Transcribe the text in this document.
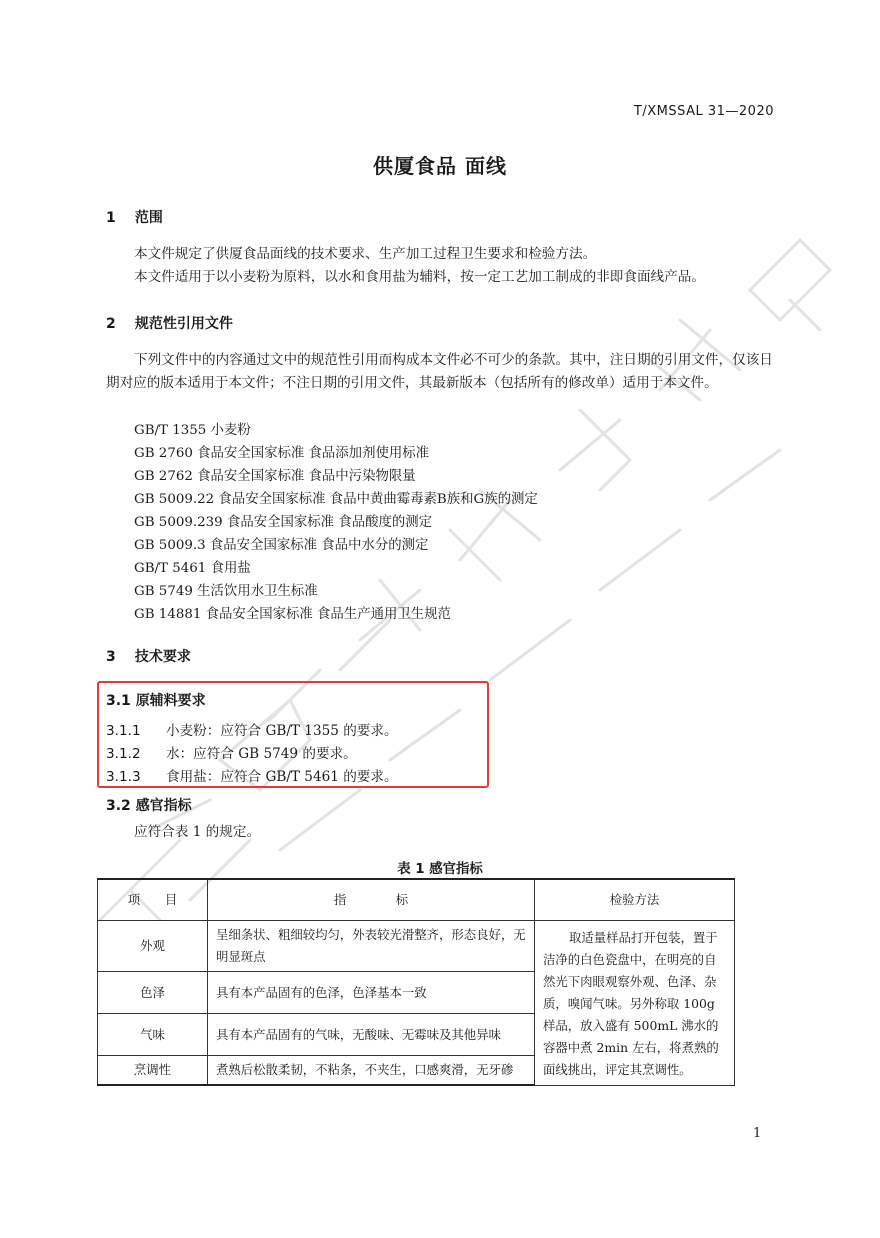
T/XMSSAL 31—2020
供厦食品 面线
1 范围
本文件规定了供厦食品面线的技术要求、生产加工过程卫生要求和检验方法。
本文件适用于以小麦粉为原料，以水和食用盐为辅料，按一定工艺加工制成的非即食面线产品。
2 规范性引用文件
下列文件中的内容通过文中的规范性引用而构成本文件必不可少的条款。其中，注日期的引用文件，仅该日期对应的版本适用于本文件；不注日期的引用文件，其最新版本（包括所有的修改单）适用于本文件。
GB/T 1355 小麦粉
GB 2760 食品安全国家标准 食品添加剂使用标准
GB 2762 食品安全国家标准 食品中污染物限量
GB 5009.22 食品安全国家标准 食品中黄曲霉毒素B族和G族的测定
GB 5009.239 食品安全国家标准 食品酸度的测定
GB 5009.3 食品安全国家标准 食品中水分的测定
GB/T 5461 食用盐
GB 5749 生活饮用水卫生标准
GB 14881 食品安全国家标准 食品生产通用卫生规范
3 技术要求
3.1 原辅料要求
3.1.1 小麦粉：应符合 GB/T 1355 的要求。
3.1.2 水：应符合 GB 5749 的要求。
3.1.3 食用盐：应符合 GB/T 5461 的要求。
3.2 感官指标
应符合表 1 的规定。
表 1 感官指标
项　　目	指　　　　标	检验方法
外观	呈细条状、粗细较均匀，外表较光滑整齐，形态良好，无明显斑点	取适量样品打开包装，置于洁净的白色瓷盘中，在明亮的自然光下肉眼观察外观、色泽、杂质，嗅闻气味。另外称取 100g 样品，放入盛有 500mL 沸水的容器中煮 2min 左右，将煮熟的面线挑出，评定其烹调性。
色泽	具有本产品固有的色泽，色泽基本一致	
气味	具有本产品固有的气味，无酸味、无霉味及其他异味	
烹调性	煮熟后松散柔韧，不粘条，不夹生，口感爽滑，无牙碜	
1
